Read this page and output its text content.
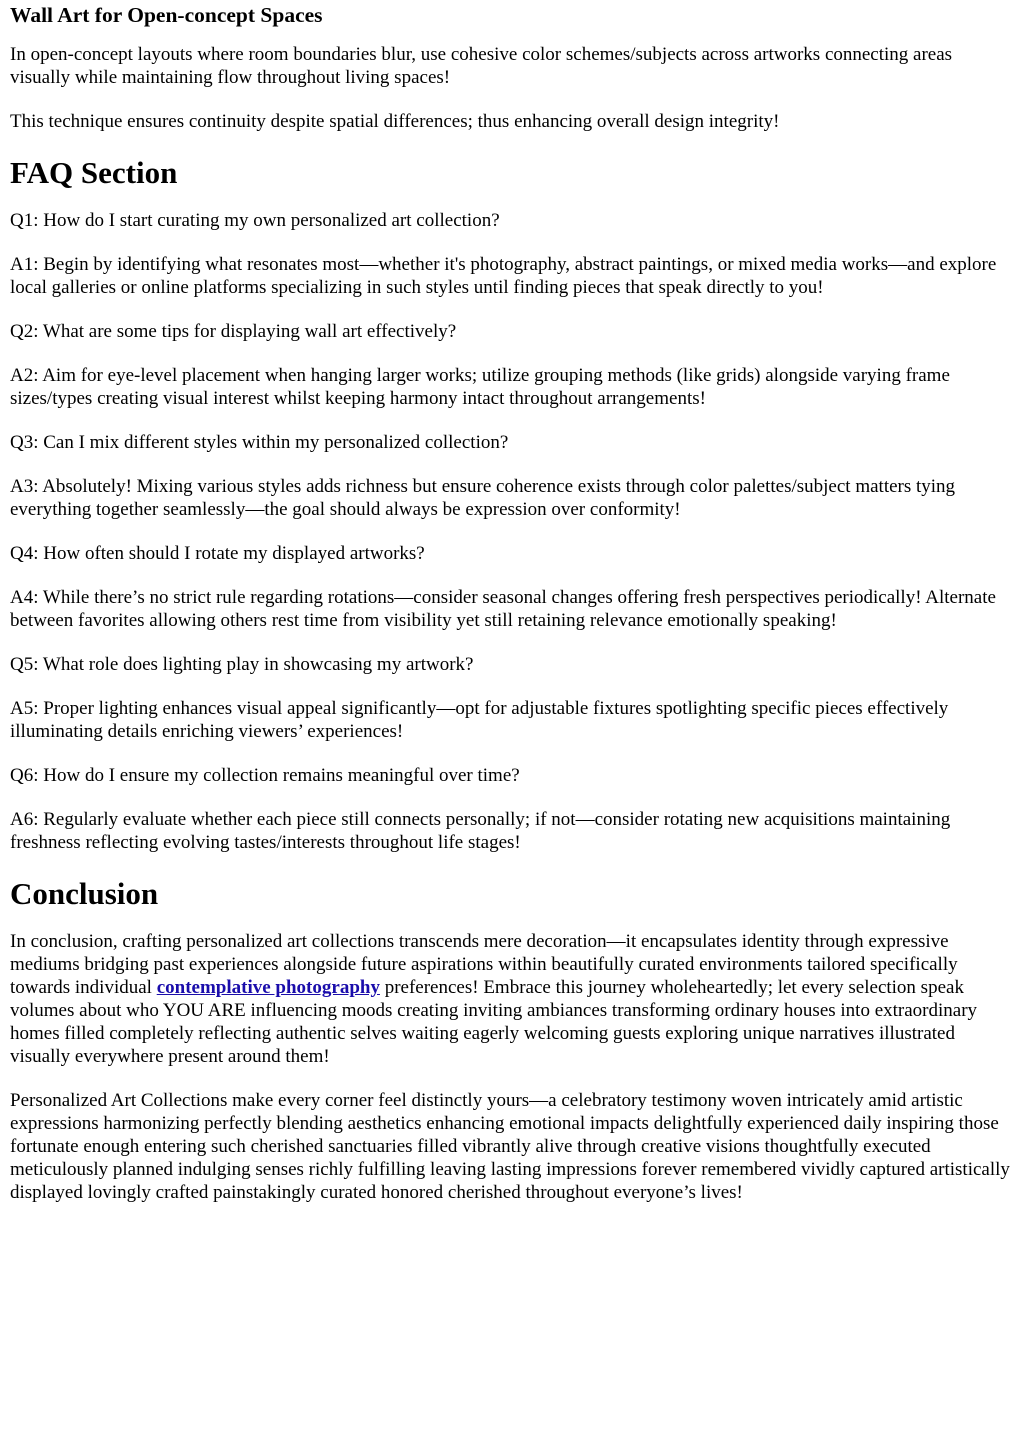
Wall Art for Open-concept Spaces

In open-concept layouts where room boundaries blur, use cohesive color schemes/subjects across artworks connecting areas visually while maintaining flow throughout living spaces!

This technique ensures continuity despite spatial differences; thus enhancing overall design integrity!

FAQ Section

Q1: How do I start curating my own personalized art collection?

A1: Begin by identifying what resonates most—whether it's photography, abstract paintings, or mixed media works—and explore local galleries or online platforms specializing in such styles until finding pieces that speak directly to you!

Q2: What are some tips for displaying wall art effectively?

A2: Aim for eye-level placement when hanging larger works; utilize grouping methods (like grids) alongside varying frame sizes/types creating visual interest whilst keeping harmony intact throughout arrangements!

Q3: Can I mix different styles within my personalized collection?

A3: Absolutely! Mixing various styles adds richness but ensure coherence exists through color palettes/subject matters tying everything together seamlessly—the goal should always be expression over conformity!

Q4: How often should I rotate my displayed artworks?

A4: While there’s no strict rule regarding rotations—consider seasonal changes offering fresh perspectives periodically! Alternate between favorites allowing others rest time from visibility yet still retaining relevance emotionally speaking!

Q5: What role does lighting play in showcasing my artwork?

A5: Proper lighting enhances visual appeal significantly—opt for adjustable fixtures spotlighting specific pieces effectively illuminating details enriching viewers’ experiences!

Q6: How do I ensure my collection remains meaningful over time?

A6: Regularly evaluate whether each piece still connects personally; if not—consider rotating new acquisitions maintaining freshness reflecting evolving tastes/interests throughout life stages!

Conclusion

In conclusion, crafting personalized art collections transcends mere decoration—it encapsulates identity through expressive mediums bridging past experiences alongside future aspirations within beautifully curated environments tailored specifically towards individual contemplative photography preferences! Embrace this journey wholeheartedly; let every selection speak volumes about who YOU ARE influencing moods creating inviting ambiances transforming ordinary houses into extraordinary homes filled completely reflecting authentic selves waiting eagerly welcoming guests exploring unique narratives illustrated visually everywhere present around them!

Personalized Art Collections make every corner feel distinctly yours—a celebratory testimony woven intricately amid artistic expressions harmonizing perfectly blending aesthetics enhancing emotional impacts delightfully experienced daily inspiring those fortunate enough entering such cherished sanctuaries filled vibrantly alive through creative visions thoughtfully executed meticulously planned indulging senses richly fulfilling leaving lasting impressions forever remembered vividly captured artistically displayed lovingly crafted painstakingly curated honored cherished throughout everyone’s lives!
